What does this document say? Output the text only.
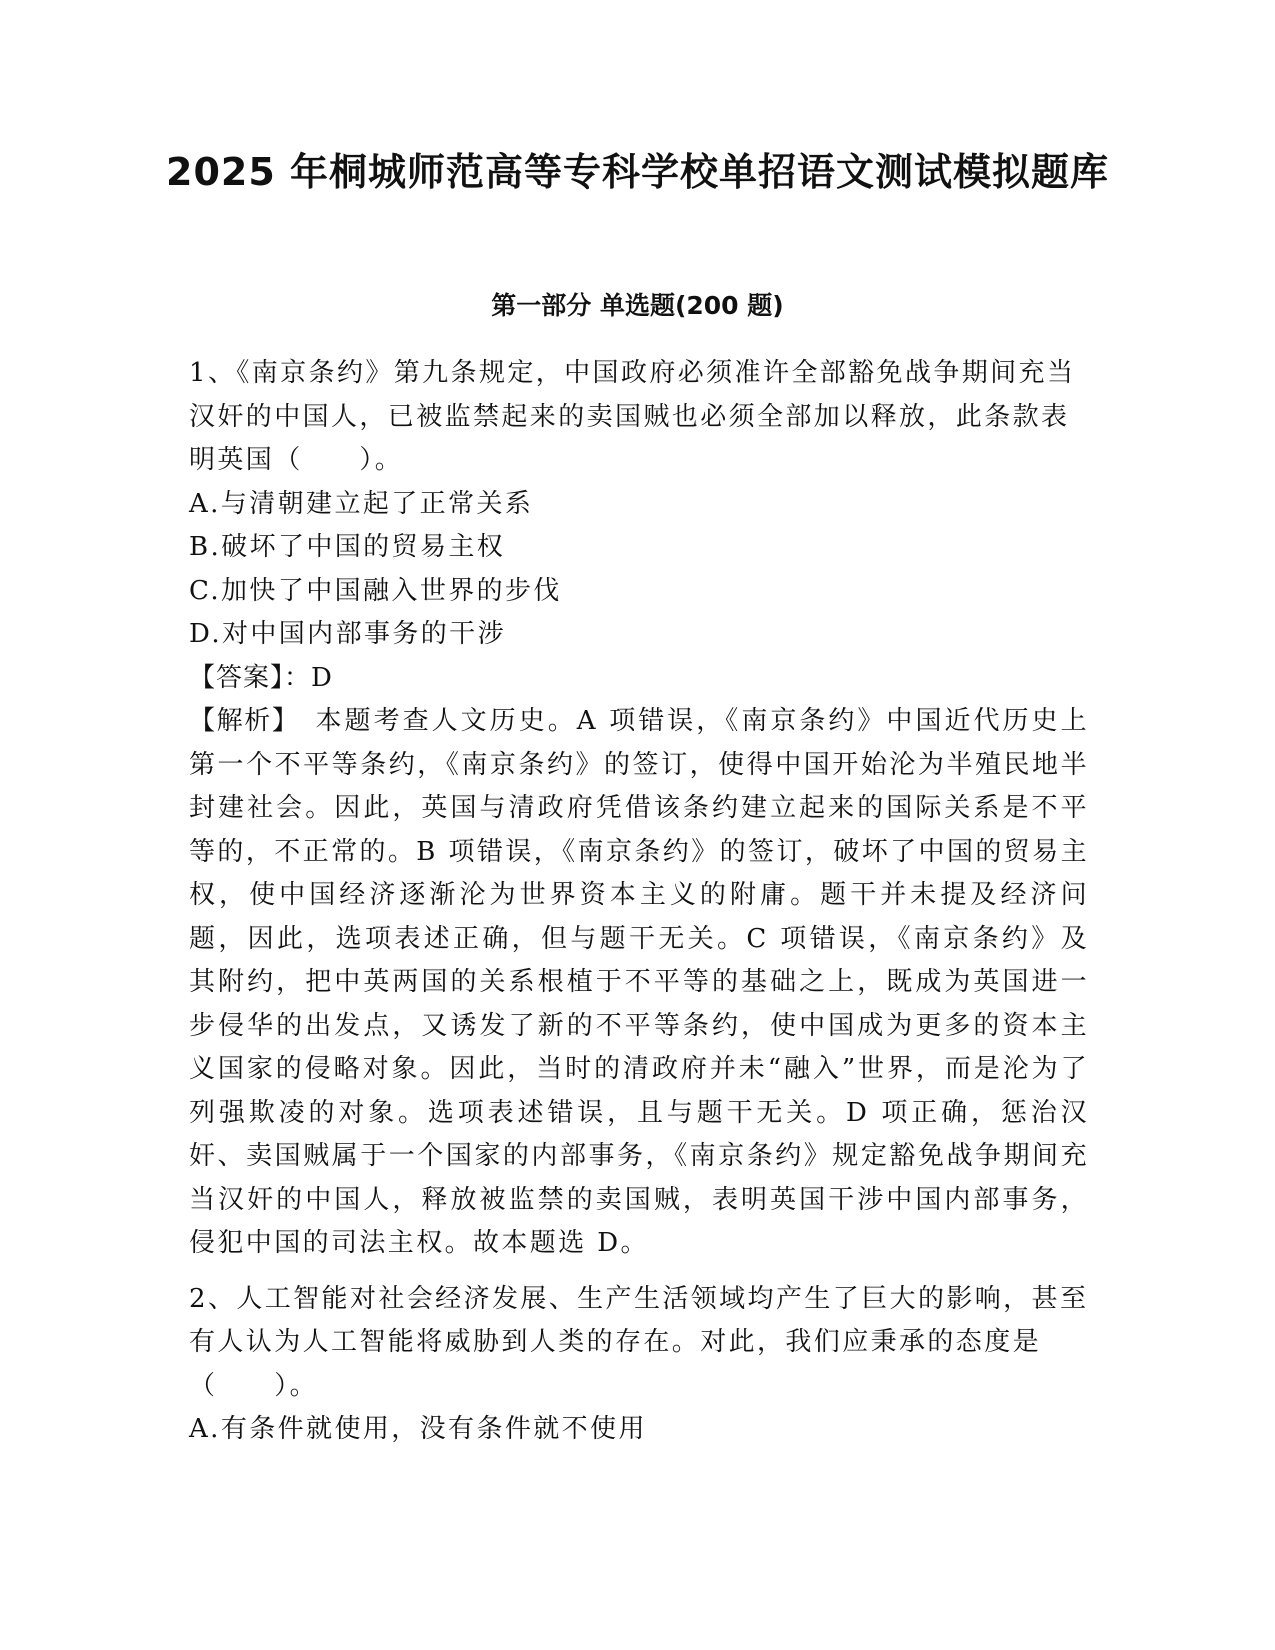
2025 年桐城师范高等专科学校单招语文测试模拟题库
第一部分 单选题(200 题)

1、《南京条约》第九条规定，中国政府必须准许全部豁免战争期间充当汉奸的中国人，已被监禁起来的卖国贼也必须全部加以释放，此条款表明英国（　　）。

A.与清朝建立起了正常关系

B.破坏了中国的贸易主权

C.加快了中国融入世界的步伐

D.对中国内部事务的干涉

【答案】：D

【解析】　本题考查人文历史。A 项错误，《南京条约》中国近代历史上第一个不平等条约，《南京条约》的签订，使得中国开始沦为半殖民地半封建社会。因此，英国与清政府凭借该条约建立起来的国际关系是不平等的，不正常的。B 项错误，《南京条约》的签订，破坏了中国的贸易主权，使中国经济逐渐沦为世界资本主义的附庸。题干并未提及经济问题，因此，选项表述正确，但与题干无关。C 项错误，《南京条约》及其附约，把中英两国的关系根植于不平等的基础之上，既成为英国进一步侵华的出发点，又诱发了新的不平等条约，使中国成为更多的资本主义国家的侵略对象。因此，当时的清政府并未“融入”世界，而是沦为了列强欺凌的对象。选项表述错误，且与题干无关。D 项正确，惩治汉奸、卖国贼属于一个国家的内部事务，《南京条约》规定豁免战争期间充当汉奸的中国人，释放被监禁的卖国贼，表明英国干涉中国内部事务，侵犯中国的司法主权。故本题选 D。

2、人工智能对社会经济发展、生产生活领域均产生了巨大的影响，甚至有人认为人工智能将威胁到人类的存在。对此，我们应秉承的态度是（　　）。

A.有条件就使用，没有条件就不使用
